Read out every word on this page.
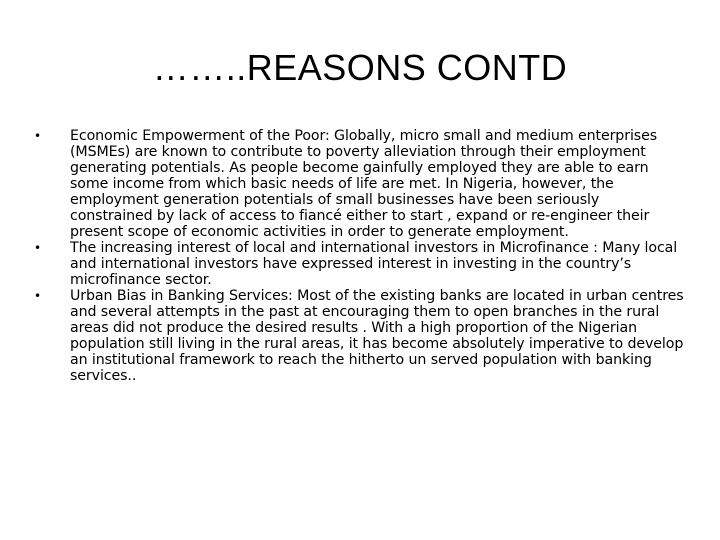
……..REASONS CONTD
• Economic Empowerment of the Poor: Globally, micro small and medium enterprises (MSMEs) are known to contribute to poverty alleviation through their employment generating potentials. As people become gainfully employed they are able to earn some income from which basic needs of life are met. In Nigeria, however, the employment generation potentials of small businesses have been seriously constrained by lack of access to fiancé either to start , expand or re-engineer their present scope of economic activities in order to generate employment.
• The increasing interest of local and international investors in Microfinance : Many local and international investors have expressed interest in investing in the country’s microfinance sector.
• Urban Bias in Banking Services: Most of the existing banks are located in urban centres and several attempts in the past at encouraging them to open branches in the rural areas did not produce the desired results . With a high proportion of the Nigerian population still living in the rural areas, it has become absolutely imperative to develop an institutional framework to reach the hitherto un served population with banking services..
